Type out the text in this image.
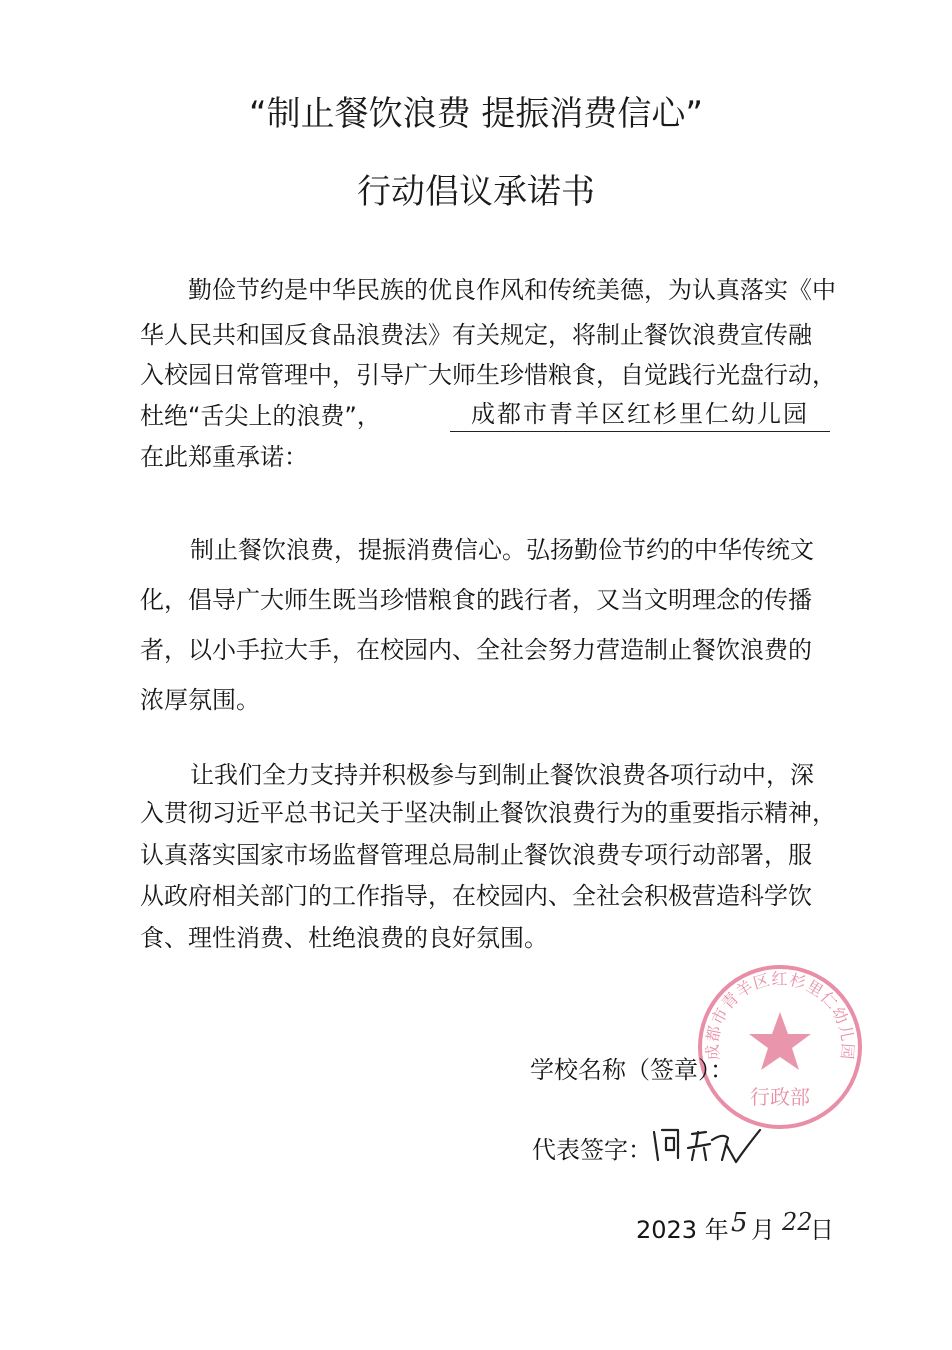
“制止餐饮浪费 提振消费信心”
行动倡议承诺书
勤俭节约是中华民族的优良作风和传统美德，为认真落实《中
华人民共和国反食品浪费法》有关规定，将制止餐饮浪费宣传融
入校园日常管理中，引导广大师生珍惜粮食，自觉践行光盘行动，
杜绝“舌尖上的浪费”，	成都市青羊区红杉里仁幼儿园
在此郑重承诺：
制止餐饮浪费，提振消费信心。弘扬勤俭节约的中华传统文
化，倡导广大师生既当珍惜粮食的践行者，又当文明理念的传播
者，以小手拉大手，在校园内、全社会努力营造制止餐饮浪费的
浓厚氛围。
让我们全力支持并积极参与到制止餐饮浪费各项行动中，深
入贯彻习近平总书记关于坚决制止餐饮浪费行为的重要指示精神，
认真落实国家市场监督管理总局制止餐饮浪费专项行动部署，服
从政府相关部门的工作指导，在校园内、全社会积极营造科学饮
食、理性消费、杜绝浪费的良好氛围。
成都市青羊区红杉里仁幼儿园
行政部
学校名称（签章）：
代表签字：
2023 年 5 月 22
日
